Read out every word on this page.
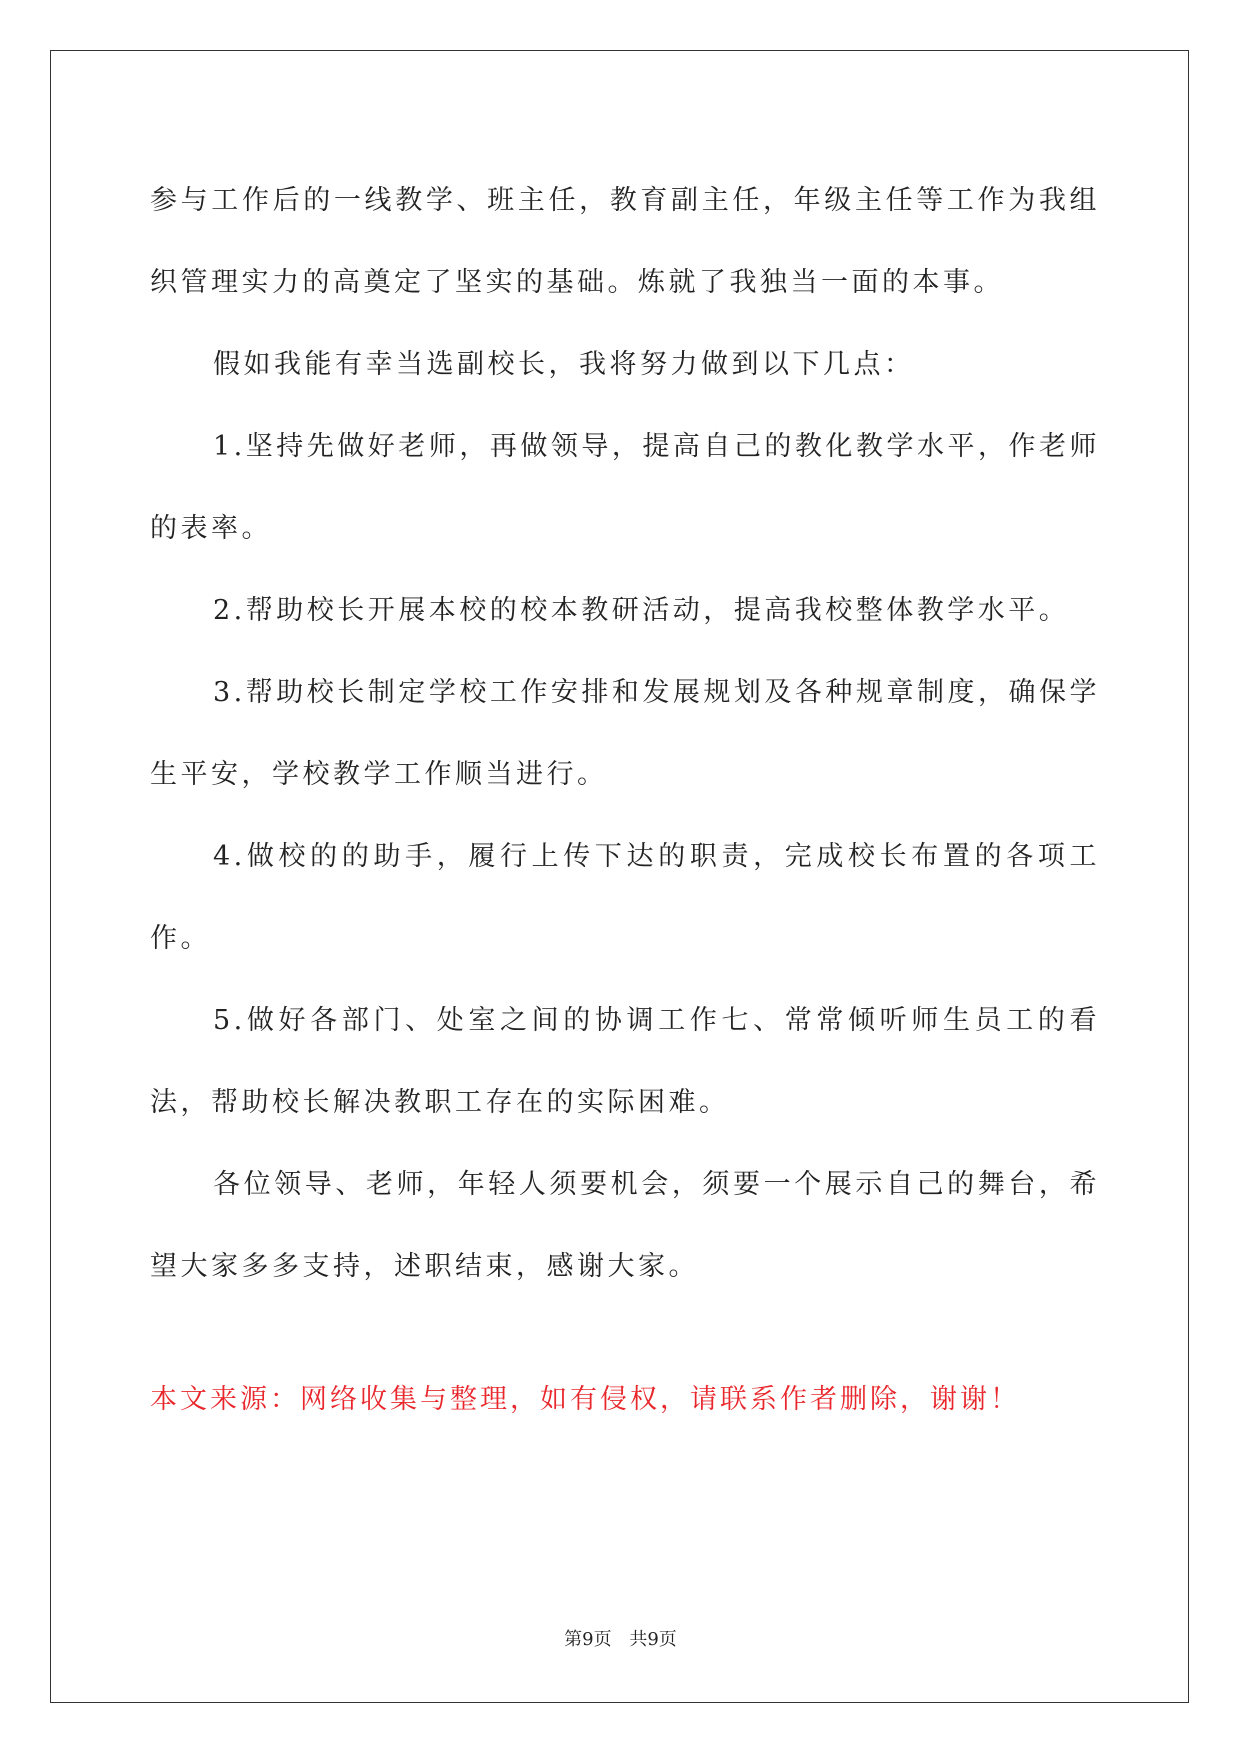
参与工作后的一线教学、班主任，教育副主任，年级主任等工作为我组织管理实力的高奠定了坚实的基础。炼就了我独当一面的本事。

假如我能有幸当选副校长，我将努力做到以下几点：

1.坚持先做好老师，再做领导，提高自己的教化教学水平，作老师的表率。

2.帮助校长开展本校的校本教研活动，提高我校整体教学水平。

3.帮助校长制定学校工作安排和发展规划及各种规章制度，确保学生平安，学校教学工作顺当进行。

4.做校的的助手，履行上传下达的职责，完成校长布置的各项工作。

5.做好各部门、处室之间的协调工作七、常常倾听师生员工的看法，帮助校长解决教职工存在的实际困难。

各位领导、老师，年轻人须要机会，须要一个展示自己的舞台，希望大家多多支持，述职结束，感谢大家。

本文来源：网络收集与整理，如有侵权，请联系作者删除，谢谢！
第9页 共9页
